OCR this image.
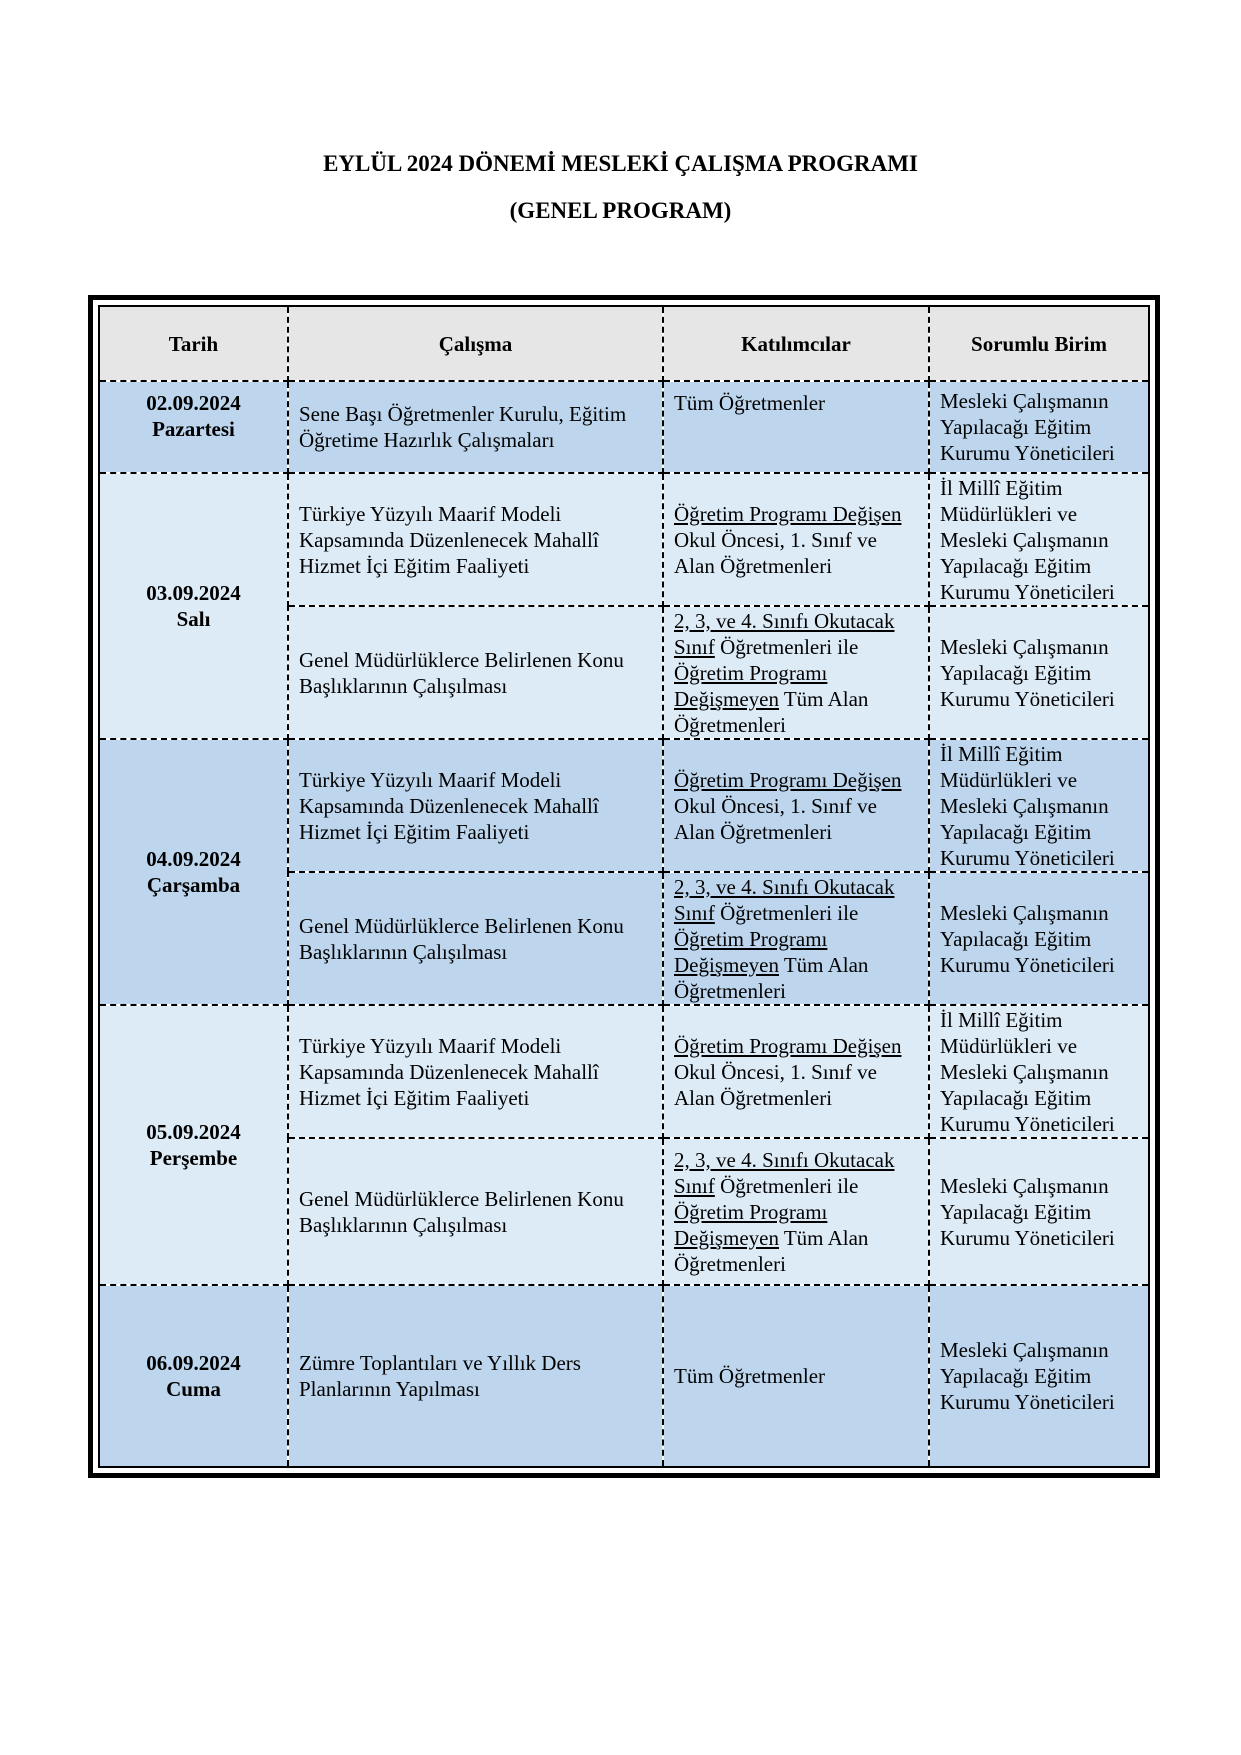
EYLÜL 2024 DÖNEMİ MESLEKİ ÇALIŞMA PROGRAMI
(GENEL PROGRAM)
Tarih	Çalışma	Katılımcılar	Sorumlu Birim

02.09.2024
Pazartesi	Sene Başı Öğretmenler Kurulu, Eğitim Öğretime Hazırlık Çalışmaları	Tüm Öğretmenler	Mesleki Çalışmanın Yapılacağı Eğitim Kurumu Yöneticileri

03.09.2024
Salı	Türkiye Yüzyılı Maarif Modeli Kapsamında Düzenlenecek Mahallî Hizmet İçi Eğitim Faaliyeti	Öğretim Programı Değişen Okul Öncesi, 1. Sınıf ve Alan Öğretmenleri	İl Millî Eğitim Müdürlükleri ve Mesleki Çalışmanın Yapılacağı Eğitim Kurumu Yöneticileri
	Genel Müdürlüklerce Belirlenen Konu Başlıklarının Çalışılması	2, 3, ve 4. Sınıfı Okutacak Sınıf Öğretmenleri ile Öğretim Programı Değişmeyen Tüm Alan Öğretmenleri	Mesleki Çalışmanın Yapılacağı Eğitim Kurumu Yöneticileri

04.09.2024
Çarşamba	Türkiye Yüzyılı Maarif Modeli Kapsamında Düzenlenecek Mahallî Hizmet İçi Eğitim Faaliyeti	Öğretim Programı Değişen Okul Öncesi, 1. Sınıf ve Alan Öğretmenleri	İl Millî Eğitim Müdürlükleri ve Mesleki Çalışmanın Yapılacağı Eğitim Kurumu Yöneticileri
	Genel Müdürlüklerce Belirlenen Konu Başlıklarının Çalışılması	2, 3, ve 4. Sınıfı Okutacak Sınıf Öğretmenleri ile Öğretim Programı Değişmeyen Tüm Alan Öğretmenleri	Mesleki Çalışmanın Yapılacağı Eğitim Kurumu Yöneticileri

05.09.2024
Perşembe	Türkiye Yüzyılı Maarif Modeli Kapsamında Düzenlenecek Mahallî Hizmet İçi Eğitim Faaliyeti	Öğretim Programı Değişen Okul Öncesi, 1. Sınıf ve Alan Öğretmenleri	İl Millî Eğitim Müdürlükleri ve Mesleki Çalışmanın Yapılacağı Eğitim Kurumu Yöneticileri
	Genel Müdürlüklerce Belirlenen Konu Başlıklarının Çalışılması	2, 3, ve 4. Sınıfı Okutacak Sınıf Öğretmenleri ile Öğretim Programı Değişmeyen Tüm Alan Öğretmenleri	Mesleki Çalışmanın Yapılacağı Eğitim Kurumu Yöneticileri

06.09.2024
Cuma	Zümre Toplantıları ve Yıllık Ders Planlarının Yapılması	Tüm Öğretmenler	Mesleki Çalışmanın Yapılacağı Eğitim Kurumu Yöneticileri
